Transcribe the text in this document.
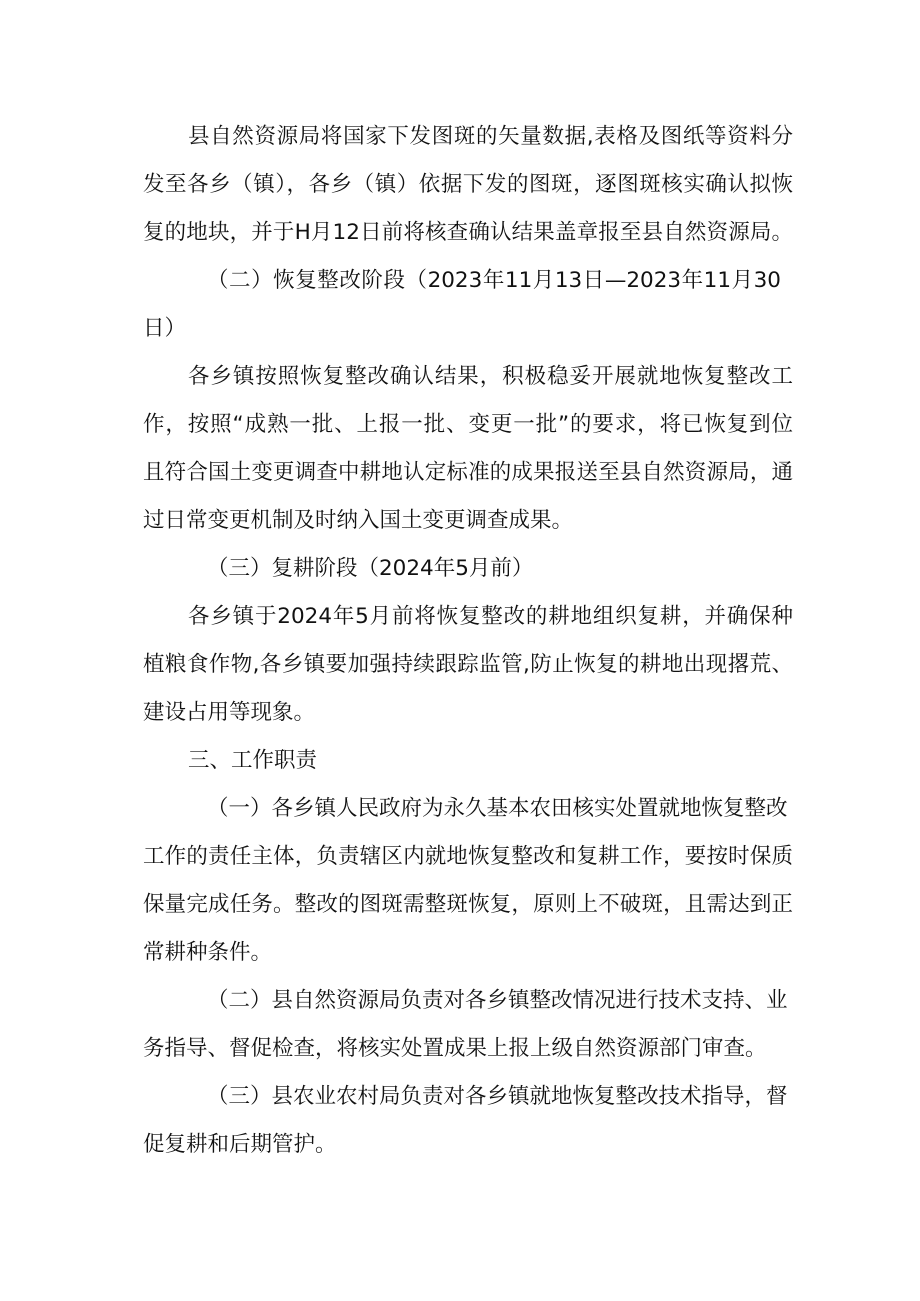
县自然资源局将国家下发图斑的矢量数据,表格及图纸等资料分
发至各乡（镇），各乡（镇）依据下发的图斑，逐图斑核实确认拟恢
复的地块，并于H月12日前将核查确认结果盖章报至县自然资源局。
（二）恢复整改阶段（2023年11月13日—2023年11月30
日）
各乡镇按照恢复整改确认结果，积极稳妥开展就地恢复整改工
作，按照“成熟一批、上报一批、变更一批”的要求，将已恢复到位
且符合国土变更调查中耕地认定标准的成果报送至县自然资源局，通
过日常变更机制及时纳入国土变更调查成果。
（三）复耕阶段（2024年5月前）
各乡镇于2024年5月前将恢复整改的耕地组织复耕，并确保种
植粮食作物,各乡镇要加强持续跟踪监管,防止恢复的耕地出现撂荒、
建设占用等现象。
三、工作职责
（一）各乡镇人民政府为永久基本农田核实处置就地恢复整改
工作的责任主体，负责辖区内就地恢复整改和复耕工作，要按时保质
保量完成任务。整改的图斑需整斑恢复，原则上不破斑，且需达到正
常耕种条件。
（二）县自然资源局负责对各乡镇整改情况进行技术支持、业
务指导、督促检查，将核实处置成果上报上级自然资源部门审查。
（三）县农业农村局负责对各乡镇就地恢复整改技术指导，督
促复耕和后期管护。
